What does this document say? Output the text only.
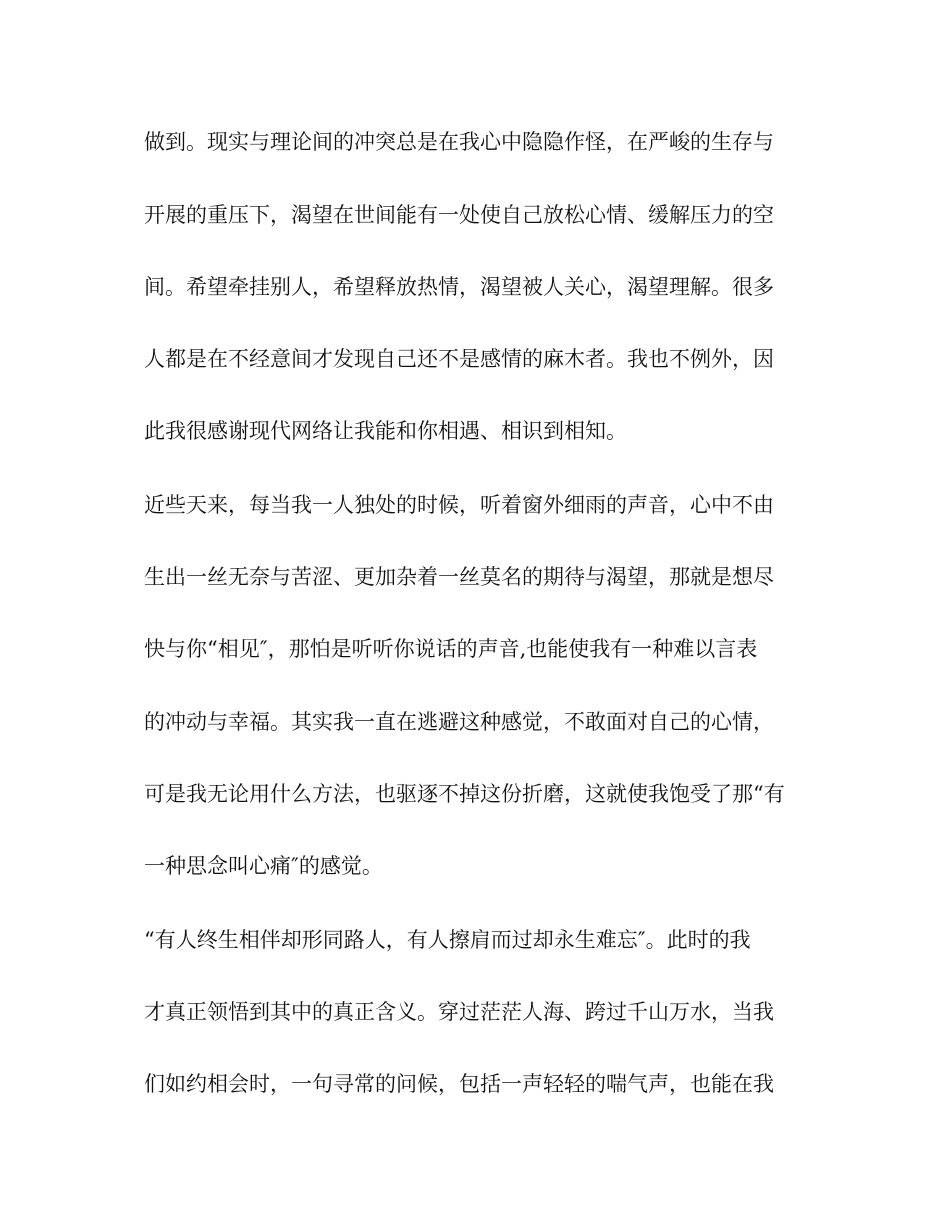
做到。现实与理论间的冲突总是在我心中隐隐作怪，在严峻的生存与

开展的重压下，渴望在世间能有一处使自己放松心情、缓解压力的空

间。希望牵挂别人，希望释放热情，渴望被人关心，渴望理解。很多

人都是在不经意间才发现自己还不是感情的麻木者。我也不例外，因

此我很感谢现代网络让我能和你相遇、相识到相知。

近些天来，每当我一人独处的时候，听着窗外细雨的声音，心中不由

生出一丝无奈与苦涩、更加杂着一丝莫名的期待与渴望，那就是想尽

快与你“相见″，那怕是听听你说话的声音,也能使我有一种难以言表

的冲动与幸福。其实我一直在逃避这种感觉，不敢面对自己的心情，

可是我无论用什么方法，也驱逐不掉这份折磨，这就使我饱受了那“有

一种思念叫心痛″的感觉。

“有人终生相伴却形同路人，有人擦肩而过却永生难忘″。此时的我

才真正领悟到其中的真正含义。穿过茫茫人海、跨过千山万水，当我

们如约相会时，一句寻常的问候，包括一声轻轻的喘气声，也能在我
